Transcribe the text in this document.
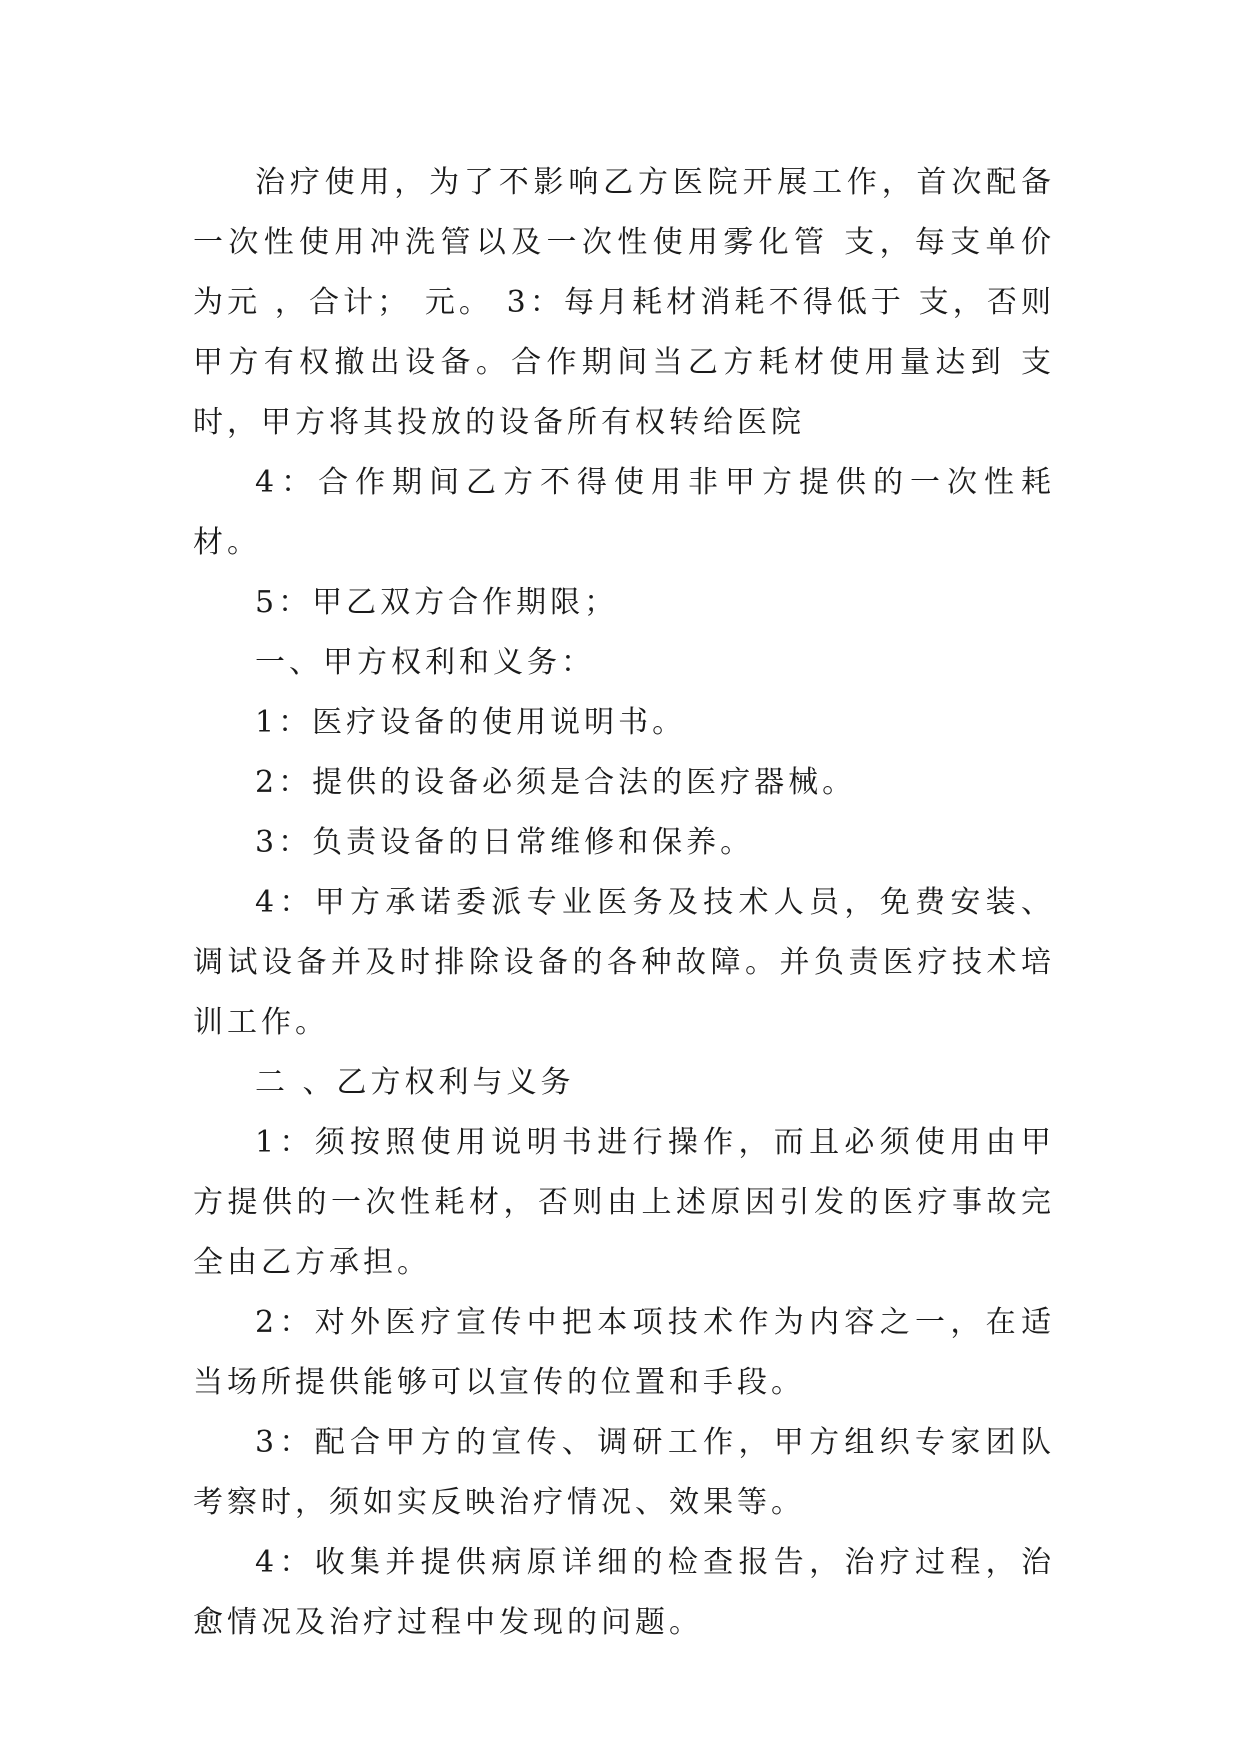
治疗使用，为了不影响乙方医院开展工作，首次配备一次性使用冲洗管以及一次性使用雾化管 支，每支单价为元 ，合计； 元。 3：每月耗材消耗不得低于 支，否则甲方有权撤出设备。合作期间当乙方耗材使用量达到 支时，甲方将其投放的设备所有权转给医院

4：合作期间乙方不得使用非甲方提供的一次性耗材。

5：甲乙双方合作期限；

一、甲方权利和义务：

1：医疗设备的使用说明书。

2：提供的设备必须是合法的医疗器械。

3：负责设备的日常维修和保养。

4：甲方承诺委派专业医务及技术人员，免费安装、调试设备并及时排除设备的各种故障。并负责医疗技术培训工作。

二 、乙方权利与义务

1：须按照使用说明书进行操作，而且必须使用由甲方提供的一次性耗材，否则由上述原因引发的医疗事故完全由乙方承担。

2：对外医疗宣传中把本项技术作为内容之一，在适当场所提供能够可以宣传的位置和手段。

3：配合甲方的宣传、调研工作，甲方组织专家团队考察时，须如实反映治疗情况、效果等。

4：收集并提供病原详细的检查报告，治疗过程，治愈情况及治疗过程中发现的问题。
